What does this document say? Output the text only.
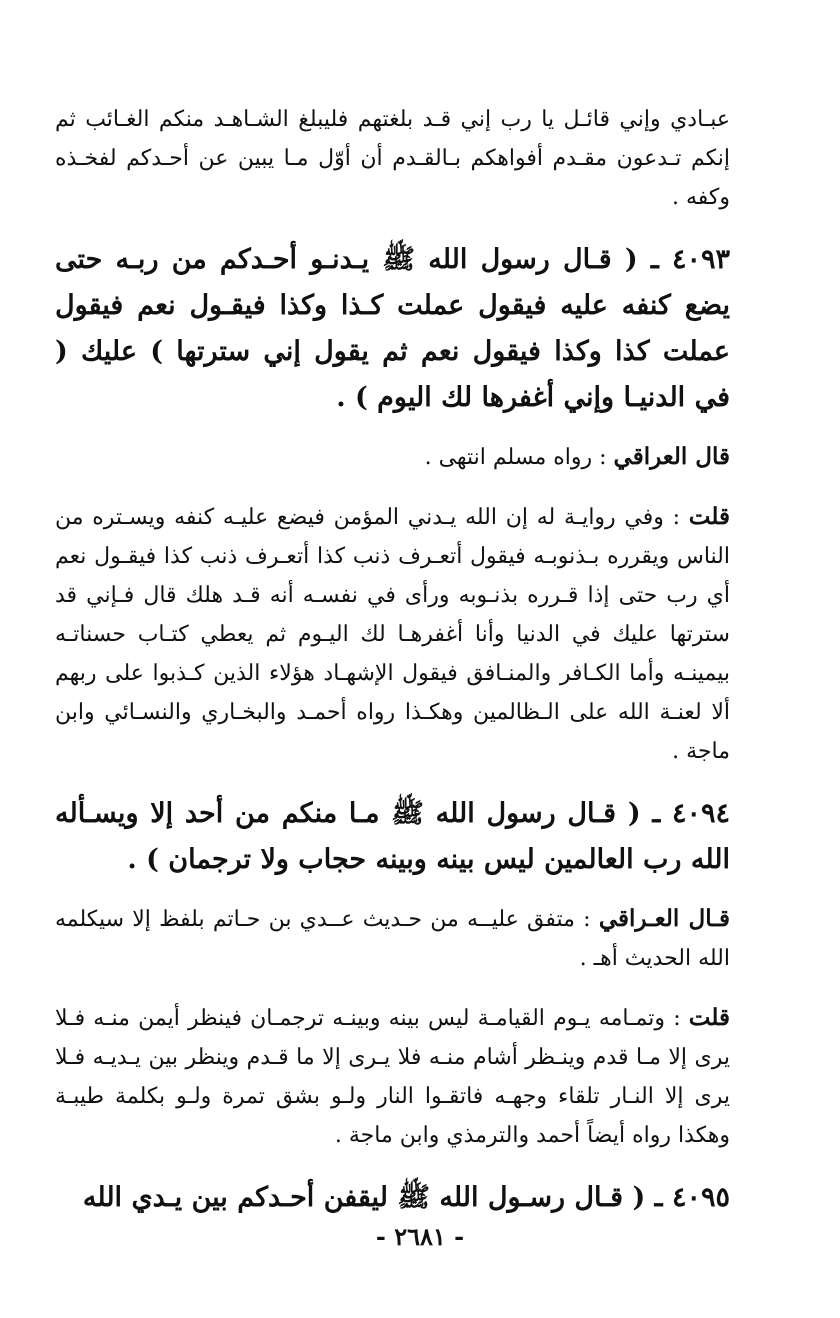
عبـادي وإني قائـل يا رب إني قـد بلغتهم فليبلغ الشـاهـد منكم الغـائب ثم إنكم تـدعون مقـدم أفواهكم بـالقـدم أن أوّل مـا يبين عن أحـدكم لفخـذه وكفه .

٤٠٩٣ ـ ( قـال رسول الله ﷺ يـدنـو أحـدكم من ربـه حتى يضع كنفه عليه فيقول عملت كـذا وكذا فيقـول نعم فيقول عملت كذا وكذا فيقول نعم ثم يقول إني سترتها ) عليك ( في الدنيـا وإني أغفرها لك اليوم ) .

قال العراقي : رواه مسلم انتهى .

قلت : وفي روايـة له إن الله يـدني المؤمن فيضع عليـه كنفه ويسـتره من الناس ويقرره بـذنوبـه فيقول أتعـرف ذنب كذا أتعـرف ذنب كذا فيقـول نعم أي رب حتى إذا قـرره بذنـوبه ورأى في نفسـه أنه قـد هلك قال فـإني قد سترتها عليك في الدنيا وأنا أغفرهـا لك اليـوم ثم يعطي كتـاب حسناتـه بيمينـه وأما الكـافر والمنـافق فيقول الإشهـاد هؤلاء الذين كـذبوا على ربهم ألا لعنـة الله على الـظالمين وهكـذا رواه أحمـد والبخـاري والنسـائي وابن ماجة .

٤٠٩٤ ـ ( قـال رسول الله ﷺ مـا منكم من أحد إلا ويسـأله الله رب العالمين ليس بينه وبينه حجاب ولا ترجمان ) .

قـال العـراقي : متفق عليــه من حـديث عــدي بن حـاتم بلفظ إلا سيكلمه الله الحديث أهـ .

قلت : وتمـامه يـوم القيامـة ليس بينه وبينـه ترجمـان فينظر أيمن منـه فـلا يرى إلا مـا قدم وينـظر أشام منـه فلا يـرى إلا ما قـدم وينظر بين يـديـه فـلا يرى إلا النـار تلقاء وجهـه فاتقـوا النار ولـو بشق تمرة ولـو بكلمة طيبـة وهكذا رواه أيضاً أحمد والترمذي وابن ماجة .

٤٠٩٥ ـ ( قـال رسـول الله ﷺ ليقفن أحـدكم بين يـدي الله

- ٢٦٨١ -
